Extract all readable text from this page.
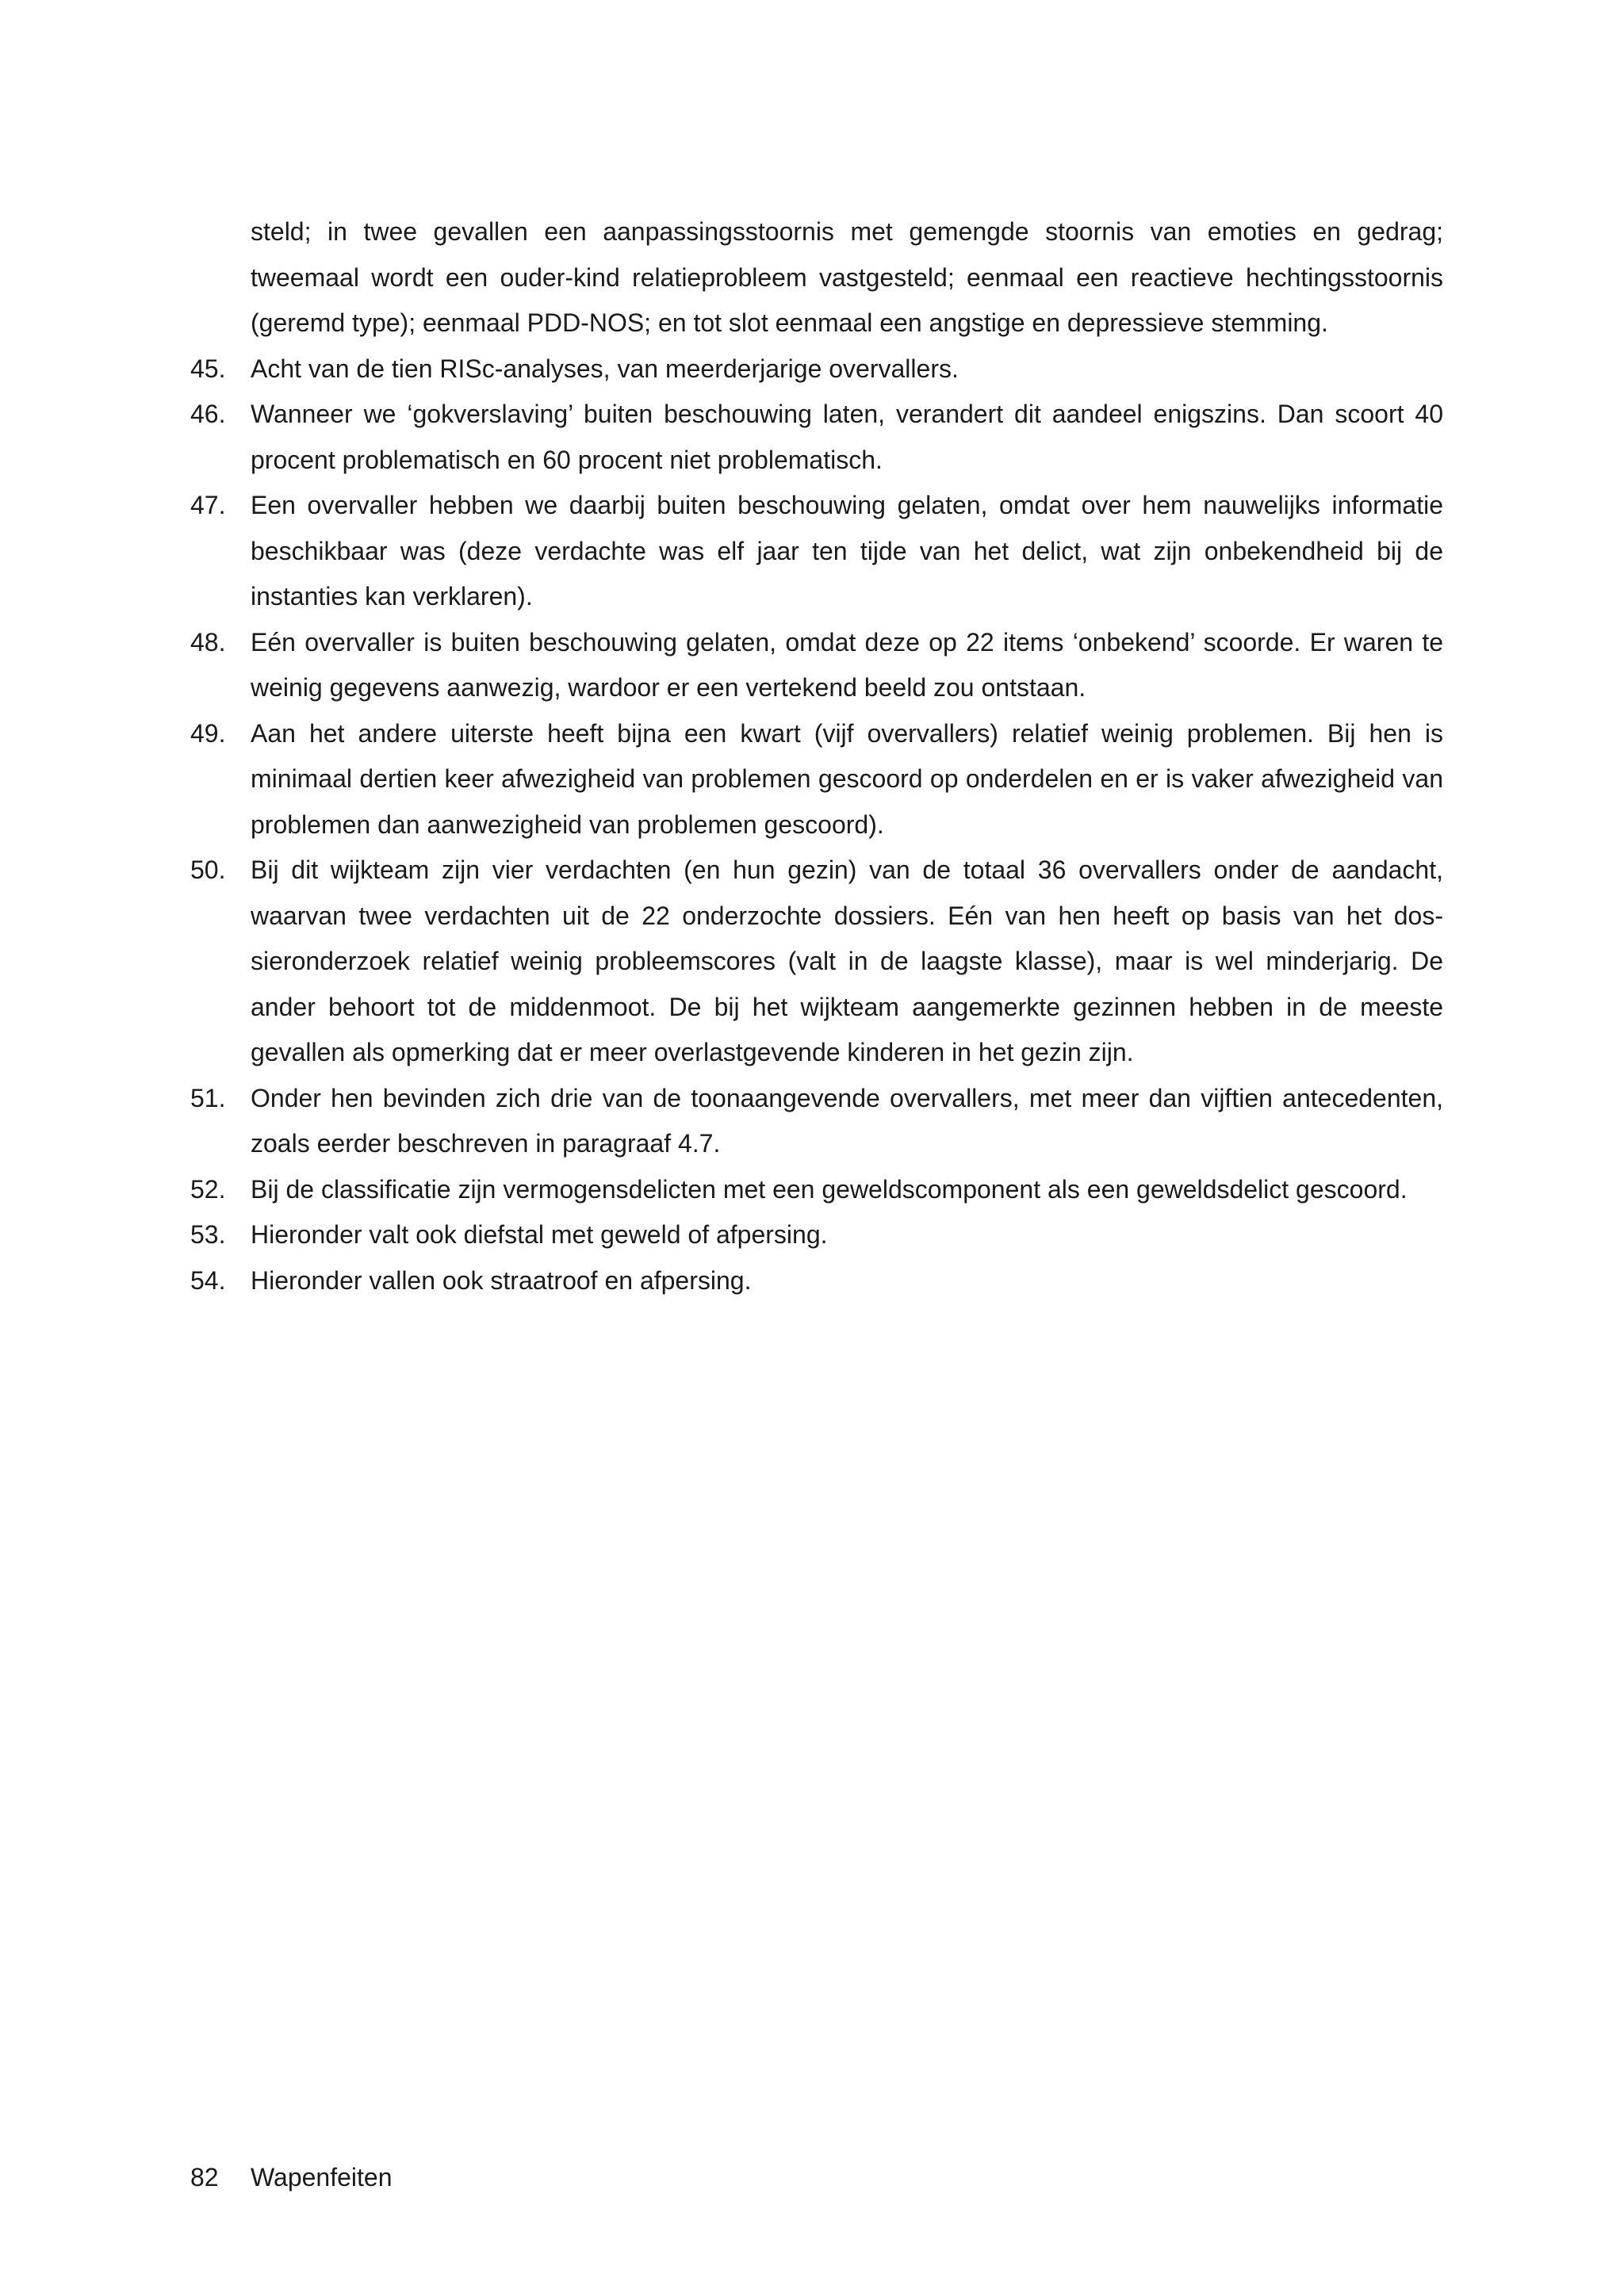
steld; in twee gevallen een aanpassingsstoornis met gemengde stoornis van emoties en gedrag; tweemaal wordt een ouder-kind relatieprobleem vastgesteld; eenmaal een reactieve hechtingsstoornis (geremd type); eenmaal PDD-NOS; en tot slot eenmaal een angstige en depressieve stemming.
45. Acht van de tien RISc-analyses, van meerderjarige overvallers.
46. Wanneer we ‘gokverslaving’ buiten beschouwing laten, verandert dit aandeel enigszins. Dan scoort 40 procent problematisch en 60 procent niet problematisch.
47. Een overvaller hebben we daarbij buiten beschouwing gelaten, omdat over hem nauwelijks informatie beschikbaar was (deze verdachte was elf jaar ten tijde van het delict, wat zijn onbekendheid bij de instanties kan verklaren).
48. Eén overvaller is buiten beschouwing gelaten, omdat deze op 22 items ‘onbekend’ scoorde. Er waren te weinig gegevens aanwezig, wardoor er een vertekend beeld zou ontstaan.
49. Aan het andere uiterste heeft bijna een kwart (vijf overvallers) relatief weinig problemen. Bij hen is minimaal dertien keer afwezigheid van problemen gescoord op onderdelen en er is vaker afwezigheid van problemen dan aanwezigheid van problemen gescoord).
50. Bij dit wijkteam zijn vier verdachten (en hun gezin) van de totaal 36 overvallers onder de aandacht, waarvan twee verdachten uit de 22 onderzochte dossiers. Eén van hen heeft op basis van het dossieronderzoek relatief weinig probleemscores (valt in de laagste klasse), maar is wel minderjarig. De ander behoort tot de middenmoot. De bij het wijkteam aangemerkte gezinnen hebben in de meeste gevallen als opmerking dat er meer overlastgevende kinderen in het gezin zijn.
51. Onder hen bevinden zich drie van de toonaangevende overvallers, met meer dan vijftien antecedenten, zoals eerder beschreven in paragraaf 4.7.
52. Bij de classificatie zijn vermogensdelicten met een geweldscomponent als een geweldsdelict gescoord.
53. Hieronder valt ook diefstal met geweld of afpersing.
54. Hieronder vallen ook straatroof en afpersing.
82 Wapenfeiten
